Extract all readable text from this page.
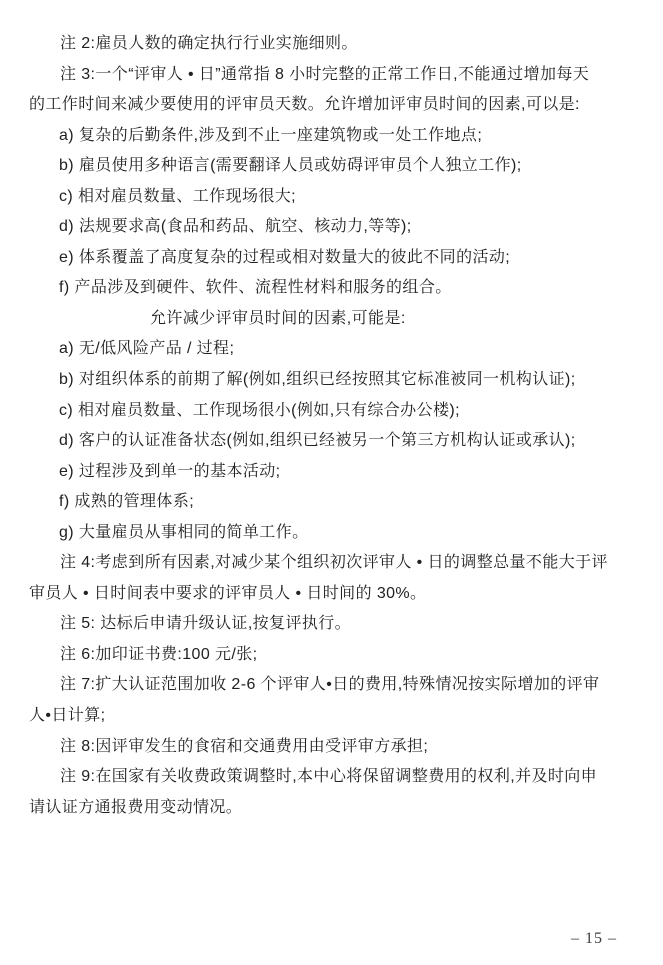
注 2:雇员人数的确定执行行业实施细则。

注 3:一个“评审人 • 日”通常指 8 小时完整的正常工作日,不能通过增加每天

的工作时间来减少要使用的评审员天数。允许增加评审员时间的因素,可以是:

a) 复杂的后勤条件,涉及到不止一座建筑物或一处工作地点;

b) 雇员使用多种语言(需要翻译人员或妨碍评审员个人独立工作);

c) 相对雇员数量、工作现场很大;

d) 法规要求高(食品和药品、航空、核动力,等等);

e) 体系覆盖了高度复杂的过程或相对数量大的彼此不同的活动;

f) 产品涉及到硬件、软件、流程性材料和服务的组合。

允许减少评审员时间的因素,可能是:

a) 无/低风险产品 / 过程;

b) 对组织体系的前期了解(例如,组织已经按照其它标准被同一机构认证);

c) 相对雇员数量、工作现场很小(例如,只有综合办公楼);

d) 客户的认证准备状态(例如,组织已经被另一个第三方机构认证或承认);

e) 过程涉及到单一的基本活动;

f) 成熟的管理体系;

g) 大量雇员从事相同的简单工作。

注 4:考虑到所有因素,对减少某个组织初次评审人 • 日的调整总量不能大于评

审员人 • 日时间表中要求的评审员人 • 日时间的 30%。

注 5: 达标后申请升级认证,按复评执行。

注 6:加印证书费:100 元/张;

注 7:扩大认证范围加收 2-6 个评审人•日的费用,特殊情况按实际增加的评审

人•日计算;

注 8:因评审发生的食宿和交通费用由受评审方承担;

注 9:在国家有关收费政策调整时,本中心将保留调整费用的权利,并及时向申

请认证方通报费用变动情况。

– 15 –
